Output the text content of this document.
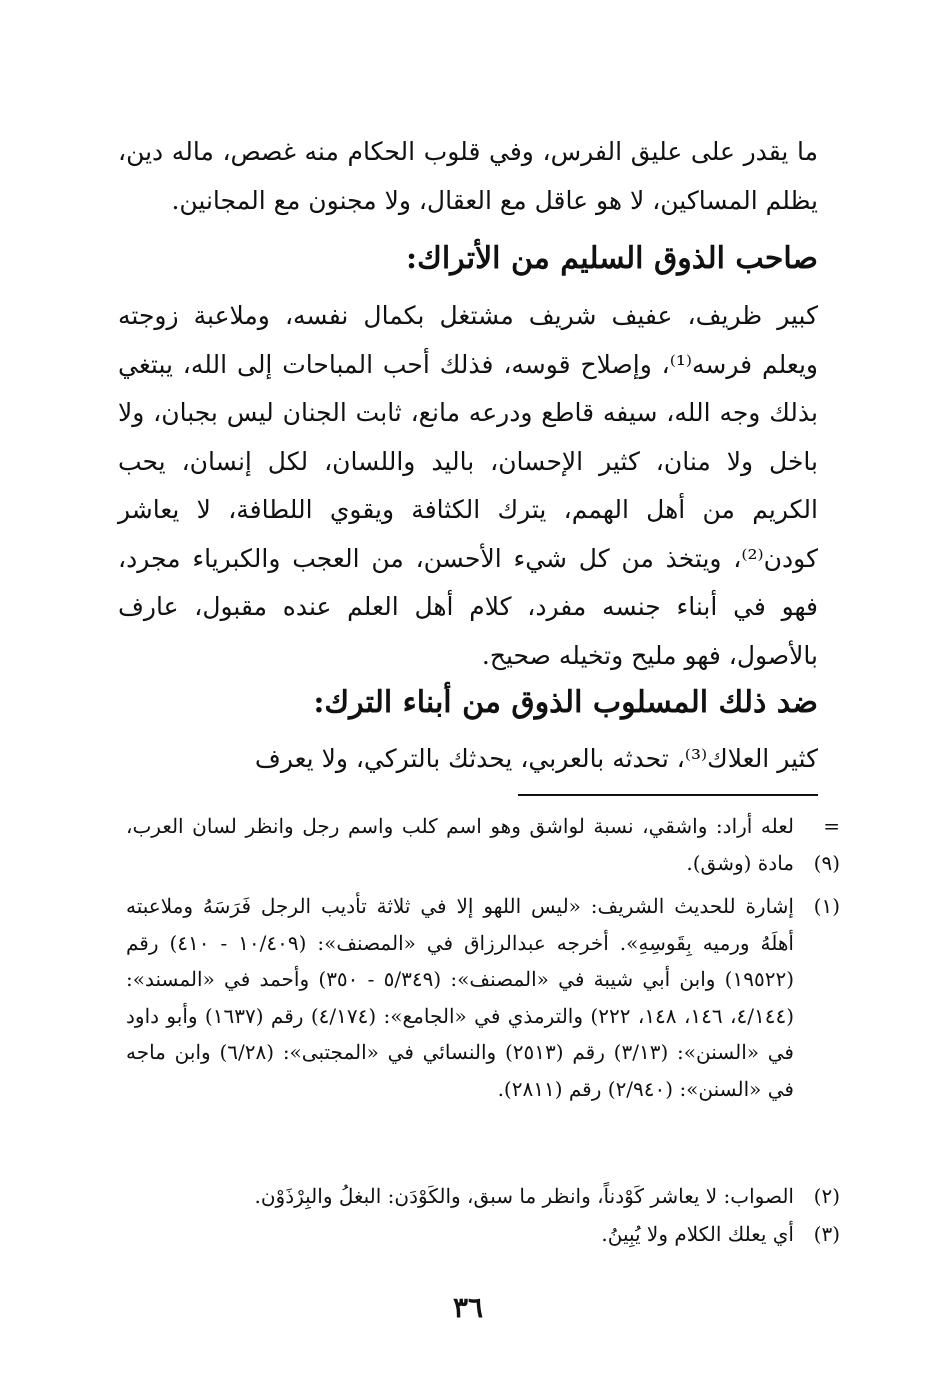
ما يقدر على عليق الفرس، وفي قلوب الحكام منه غصص، ماله دين، يظلم المساكين، لا هو عاقل مع العقال، ولا مجنون مع المجانين.

صاحب الذوق السليم من الأتراك:

كبير ظريف، عفيف شريف مشتغل بكمال نفسه، وملاعبة زوجته ويعلم فرسه⁽¹⁾، وإصلاح قوسه، فذلك أحب المباحات إلى الله، يبتغي بذلك وجه الله، سيفه قاطع ودرعه مانع، ثابت الجنان ليس بجبان، ولا باخل ولا منان، كثير الإحسان، باليد واللسان، لكل إنسان، يحب الكريم من أهل الهمم، يترك الكثافة ويقوي اللطافة، لا يعاشر كودن⁽²⁾، ويتخذ من كل شيء الأحسن، من العجب والكبرياء مجرد، فهو في أبناء جنسه مفرد، كلام أهل العلم عنده مقبول، عارف بالأصول، فهو مليح وتخيله صحيح.

ضد ذلك المسلوب الذوق من أبناء الترك:

كثير العلاك⁽³⁾، تحدثه بالعربي، يحدثك بالتركي، ولا يعرف

= (٩)
لعله أراد: واشقي، نسبة لواشق وهو اسم كلب واسم رجل وانظر لسان العرب، مادة (وشق).
(١)
إشارة للحديث الشريف: «ليس اللهو إلا في ثلاثة تأديب الرجل فَرَسَهُ وملاعبته أهلَهُ ورميه بِقَوسِهِ». أخرجه عبدالرزاق في «المصنف»: (١٠/٤٠٩ - ٤١٠) رقم (١٩٥٢٢) وابن أبي شيبة في «المصنف»: (٥/٣٤٩ - ٣٥٠) وأحمد في «المسند»: (٤/١٤٤، ١٤٦، ١٤٨، ٢٢٢) والترمذي في «الجامع»: (٤/١٧٤) رقم (١٦٣٧) وأبو داود في «السنن»: (٣/١٣) رقم (٢٥١٣) والنسائي في «المجتبى»: (٦/٢٨) وابن ماجه في «السنن»: (٢/٩٤٠) رقم (٢٨١١).
(٢)
الصواب: لا يعاشر كَوْدناً، وانظر ما سبق، والكَوْدَن: البغلُ والبِرْذَوْن.
(٣)
أي يعلك الكلام ولا يُبِينُ.
٣٦
